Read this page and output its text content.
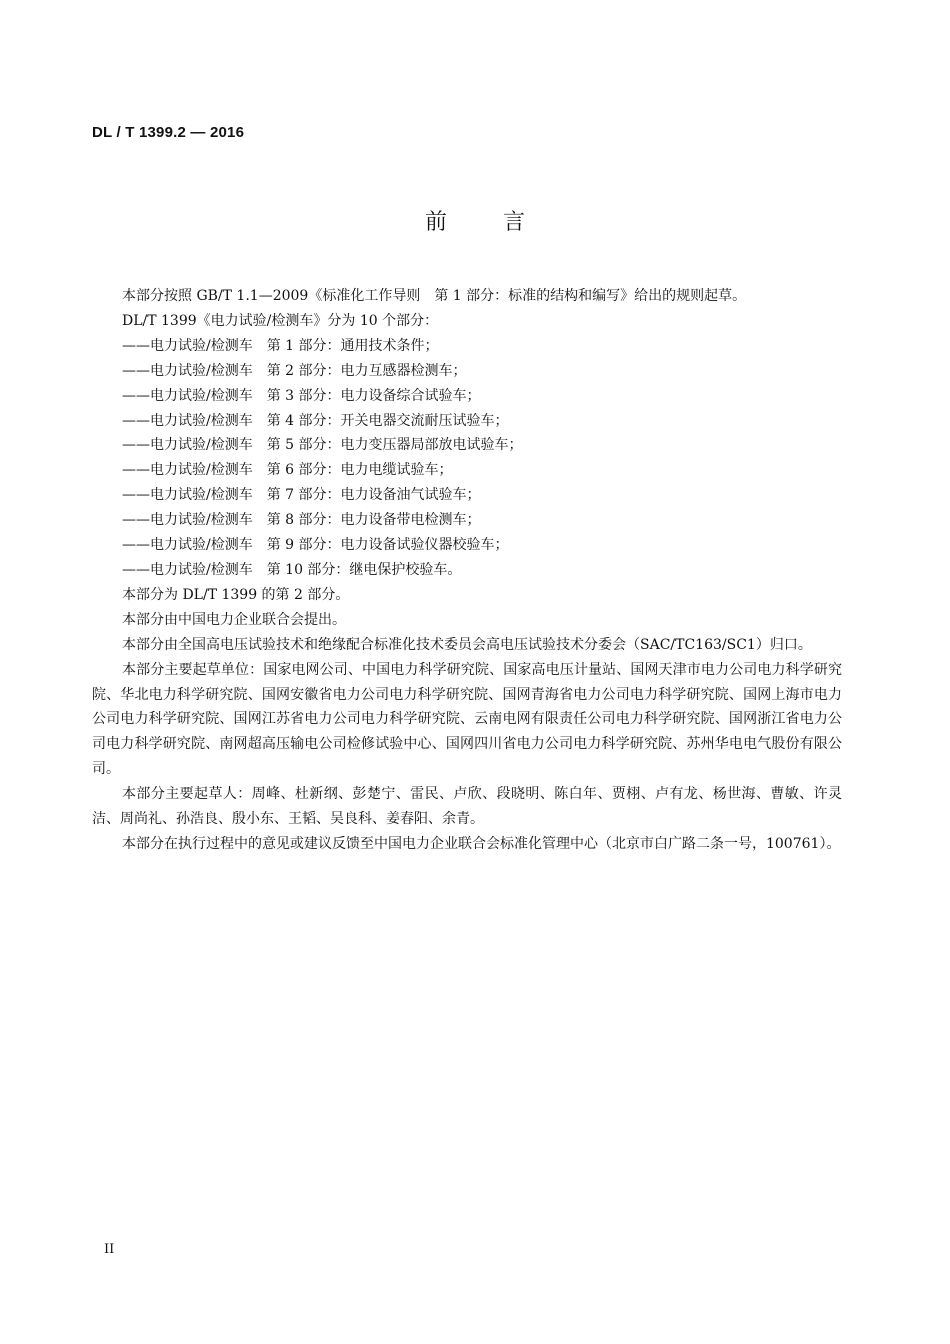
DL / T 1399.2 — 2016
前言

本部分按照 GB/T 1.1—2009《标准化工作导则　第 1 部分：标准的结构和编写》给出的规则起草。

DL/T 1399《电力试验/检测车》分为 10 个部分：

——电力试验/检测车　第 1 部分：通用技术条件；

——电力试验/检测车　第 2 部分：电力互感器检测车；

——电力试验/检测车　第 3 部分：电力设备综合试验车；

——电力试验/检测车　第 4 部分：开关电器交流耐压试验车；

——电力试验/检测车　第 5 部分：电力变压器局部放电试验车；

——电力试验/检测车　第 6 部分：电力电缆试验车；

——电力试验/检测车　第 7 部分：电力设备油气试验车；

——电力试验/检测车　第 8 部分：电力设备带电检测车；

——电力试验/检测车　第 9 部分：电力设备试验仪器校验车；

——电力试验/检测车　第 10 部分：继电保护校验车。

本部分为 DL/T 1399 的第 2 部分。

本部分由中国电力企业联合会提出。

本部分由全国高电压试验技术和绝缘配合标准化技术委员会高电压试验技术分委会（SAC/TC163/SC1）归口。

本部分主要起草单位：国家电网公司、中国电力科学研究院、国家高电压计量站、国网天津市电力公司电力科学研究院、华北电力科学研究院、国网安徽省电力公司电力科学研究院、国网青海省电力公司电力科学研究院、国网上海市电力公司电力科学研究院、国网江苏省电力公司电力科学研究院、云南电网有限责任公司电力科学研究院、国网浙江省电力公司电力科学研究院、南网超高压输电公司检修试验中心、国网四川省电力公司电力科学研究院、苏州华电电气股份有限公司。

本部分主要起草人：周峰、杜新纲、彭楚宁、雷民、卢欣、段晓明、陈白年、贾栩、卢有龙、杨世海、曹敏、许灵洁、周尚礼、孙浩良、殷小东、王韬、吴良科、姜春阳、余青。

本部分在执行过程中的意见或建议反馈至中国电力企业联合会标准化管理中心（北京市白广路二条一号，100761）。

II
